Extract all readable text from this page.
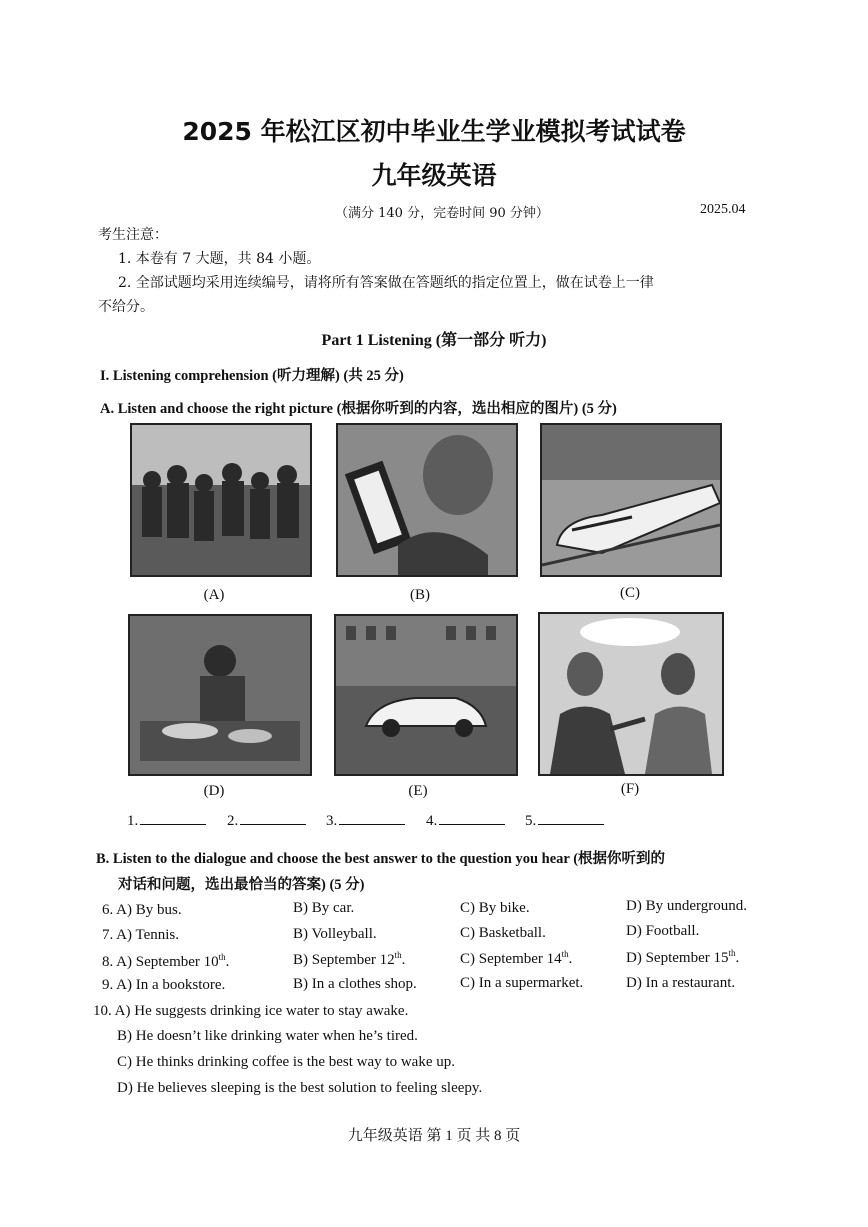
2025 年松江区初中毕业生学业模拟考试试卷
九年级英语
（满分 140 分，完卷时间 90 分钟）	2025.04
考生注意：
1. 本卷有 7 大题，共 84 小题。
2. 全部试题均采用连续编号，请将所有答案做在答题纸的指定位置上，做在试卷上一律
不给分。
Part 1 Listening (第一部分 听力)
I. Listening comprehension (听力理解) (共 25 分)
A. Listen and choose the right picture (根据你听到的内容，选出相应的图片) (5 分)
(A)	(B)	(C)
(D)	(E)	(F)
1.	2.	3.	4.	5.
B. Listen to the dialogue and choose the best answer to the question you hear (根据你听到的
对话和问题，选出最恰当的答案) (5 分)
6. A) By bus.	B) By car.	C) By bike.	D) By underground.
7. A) Tennis.	B) Volleyball.	C) Basketball.	D) Football.
8. A) September 10th.	B) September 12th.	C) September 14th.	D) September 15th.
9. A) In a bookstore.	B) In a clothes shop.	C) In a supermarket.	D) In a restaurant.
10. A) He suggests drinking ice water to stay awake.
B) He doesn’t like drinking water when he’s tired.
C) He thinks drinking coffee is the best way to wake up.
D) He believes sleeping is the best solution to feeling sleepy.
九年级英语 第 1 页 共 8 页
